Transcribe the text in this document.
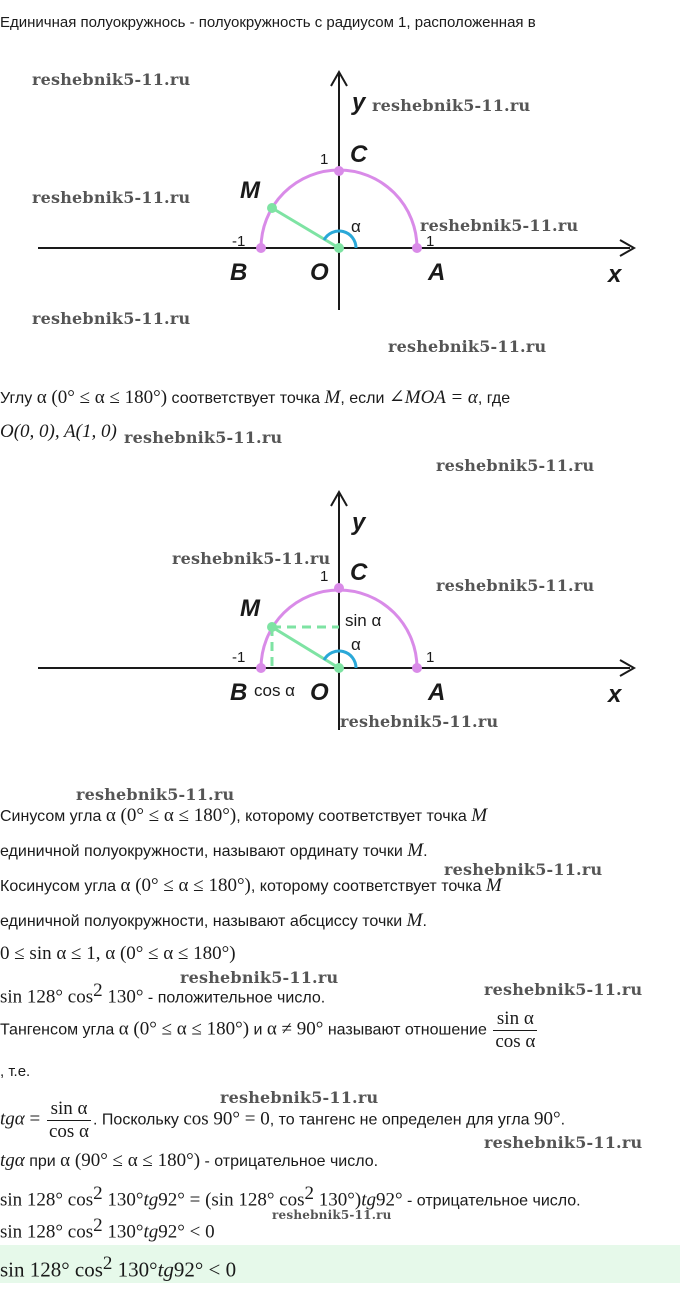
Единичная полуокружнось - полуокружность с радиусом 1, расположенная в
y
x
C
M
O	A
B
1
1
-1
α
reshebnik5-11.ru
reshebnik5-11.ru
reshebnik5-11.ru
reshebnik5-11.ru
reshebnik5-11.ru
reshebnik5-11.ru
Углу α (0° ≤ α ≤ 180°) соответствует точка M, если ∠MOA = α, где
O(0, 0), A(1, 0) reshebnik5-11.ru
reshebnik5-11.ru
y
x
C
M
O	A
B
1
1
-1
α
sin α
cos α
reshebnik5-11.ru
reshebnik5-11.ru
reshebnik5-11.ru
reshebnik5-11.ru
Синусом угла α (0° ≤ α ≤ 180°), которому соответствует точка M
единичной полуокружности, называют ординату точки M.
reshebnik5-11.ru
Косинусом угла α (0° ≤ α ≤ 180°), которому соответствует точка M
единичной полуокружности, называют абсциссу точки M.
0 ≤ sin α ≤ 1, α (0° ≤ α ≤ 180°)
reshebnik5-11.ru
sin 128° $\cos^2 130^\circ$ - положительное число.	reshebnik5-11.ru
Тангенсом угла α (0° ≤ α ≤ 180°) и α ≠ 90° называют отношение $\frac{\text{sin α}}{\text{cos α}}$
, т.е.
reshebnik5-11.ru
$tg\alpha = \frac{\text{sin α}}{\text{cos α}}$ . Поскольку cos 90° = 0, то тангенс не определен для угла 90°.
reshebnik5-11.ru
tgα при α (90° ≤ α ≤ 180°) - отрицательное число.
sin 128° $\cos^2 130^\circ tg92^\circ = (\sin$ 128° $\cos^2 130^\circ)tg92^\circ$ - отрицательное число.
reshebnik5-11.ru
sin 128° $\cos^2 130^\circ tg92^\circ < 0$
sin 128° $\cos^2 130^\circ tg92^\circ < 0$
